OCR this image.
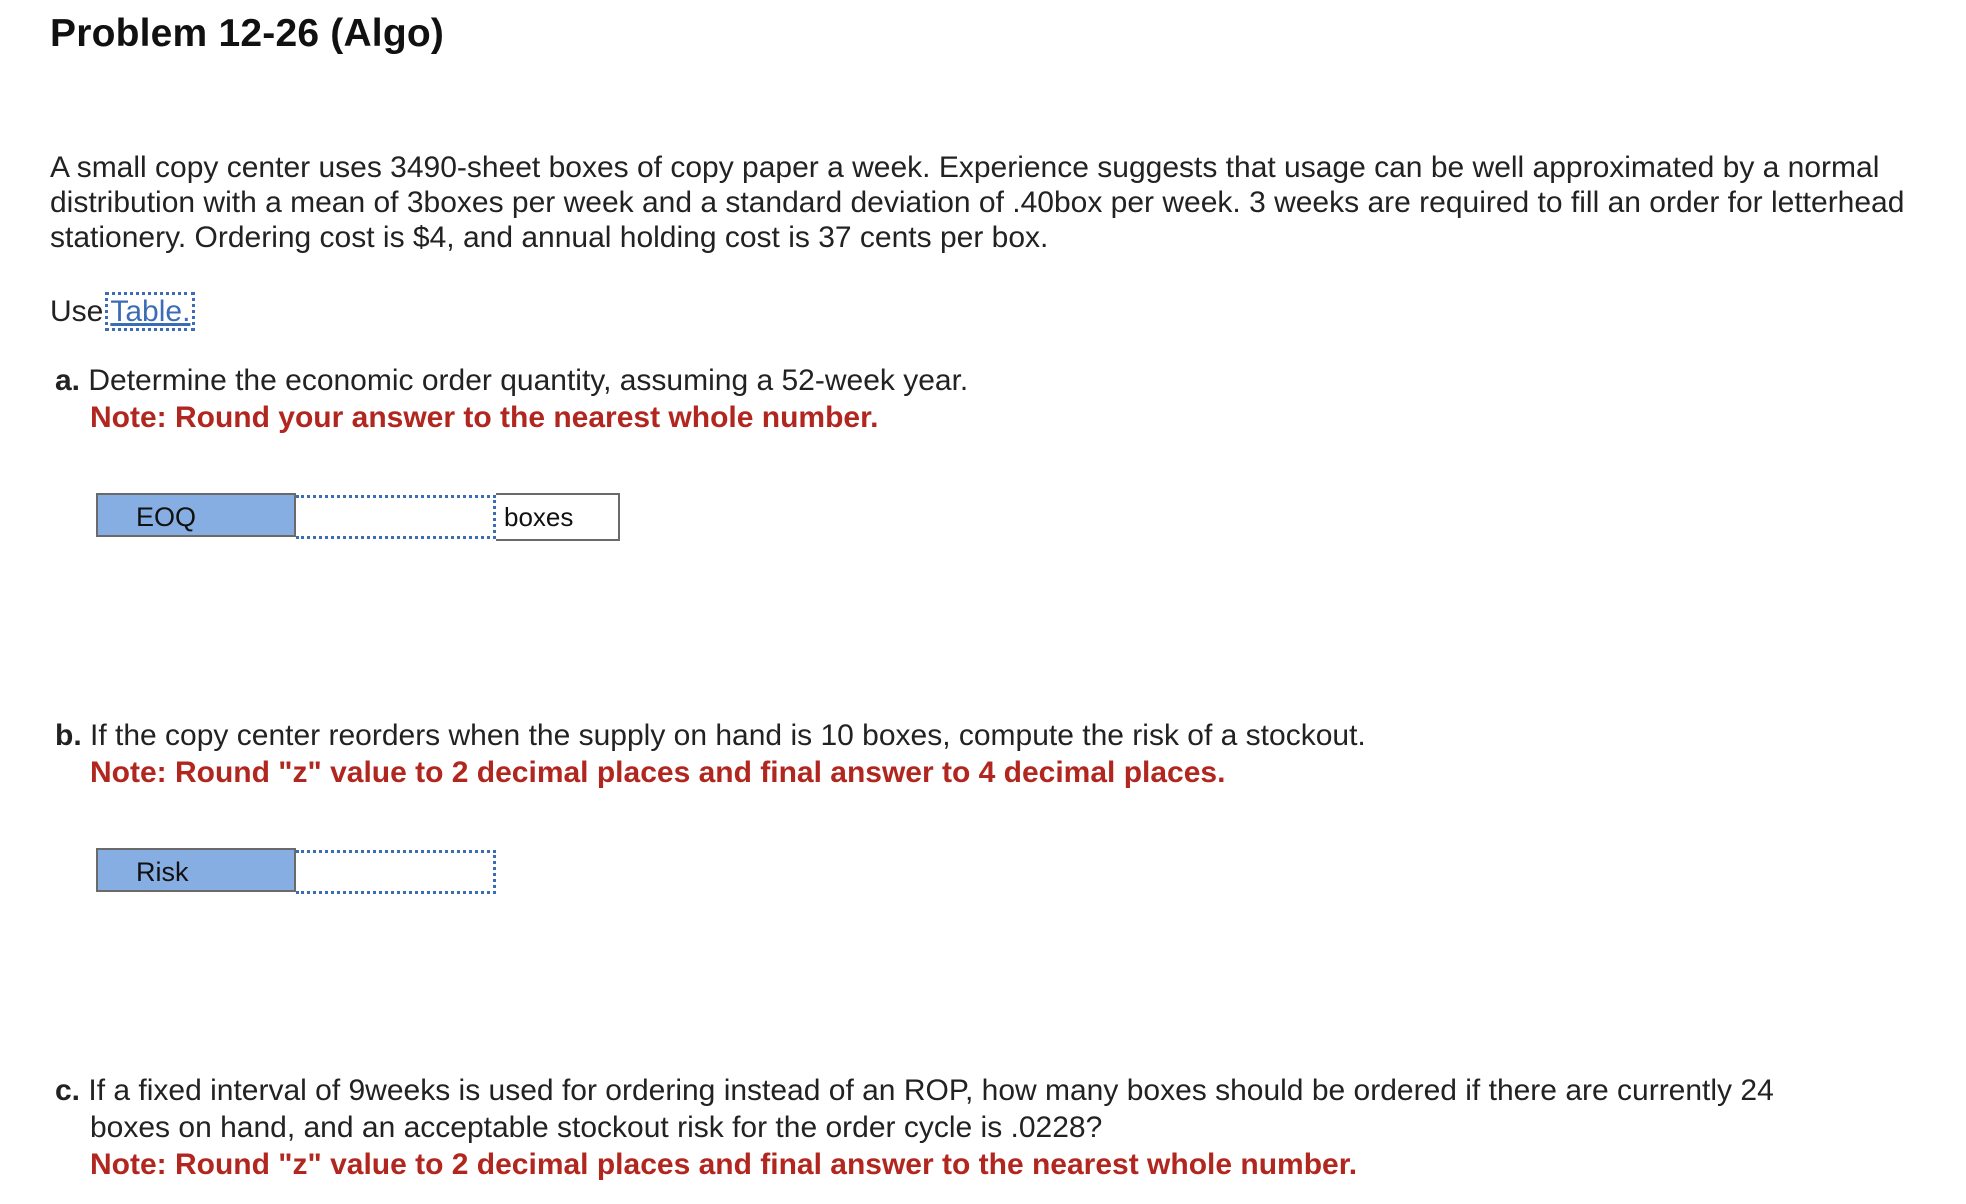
Problem 12-26 (Algo)

A small copy center uses 3490-sheet boxes of copy paper a week. Experience suggests that usage can be well approximated by a normal distribution with a mean of 3boxes per week and a standard deviation of .40box per week. 3 weeks are required to fill an order for letterhead stationery. Ordering cost is $4, and annual holding cost is 37 cents per box.

Use Table.
a. Determine the economic order quantity, assuming a 52-week year.
Note: Round your answer to the nearest whole number.
EOQ	boxes
b. If the copy center reorders when the supply on hand is 10 boxes, compute the risk of a stockout.
Note: Round "z" value to 2 decimal places and final answer to 4 decimal places.
Risk
c. If a fixed interval of 9weeks is used for ordering instead of an ROP, how many boxes should be ordered if there are currently 24
boxes on hand, and an acceptable stockout risk for the order cycle is .0228?
Note: Round "z" value to 2 decimal places and final answer to the nearest whole number.
